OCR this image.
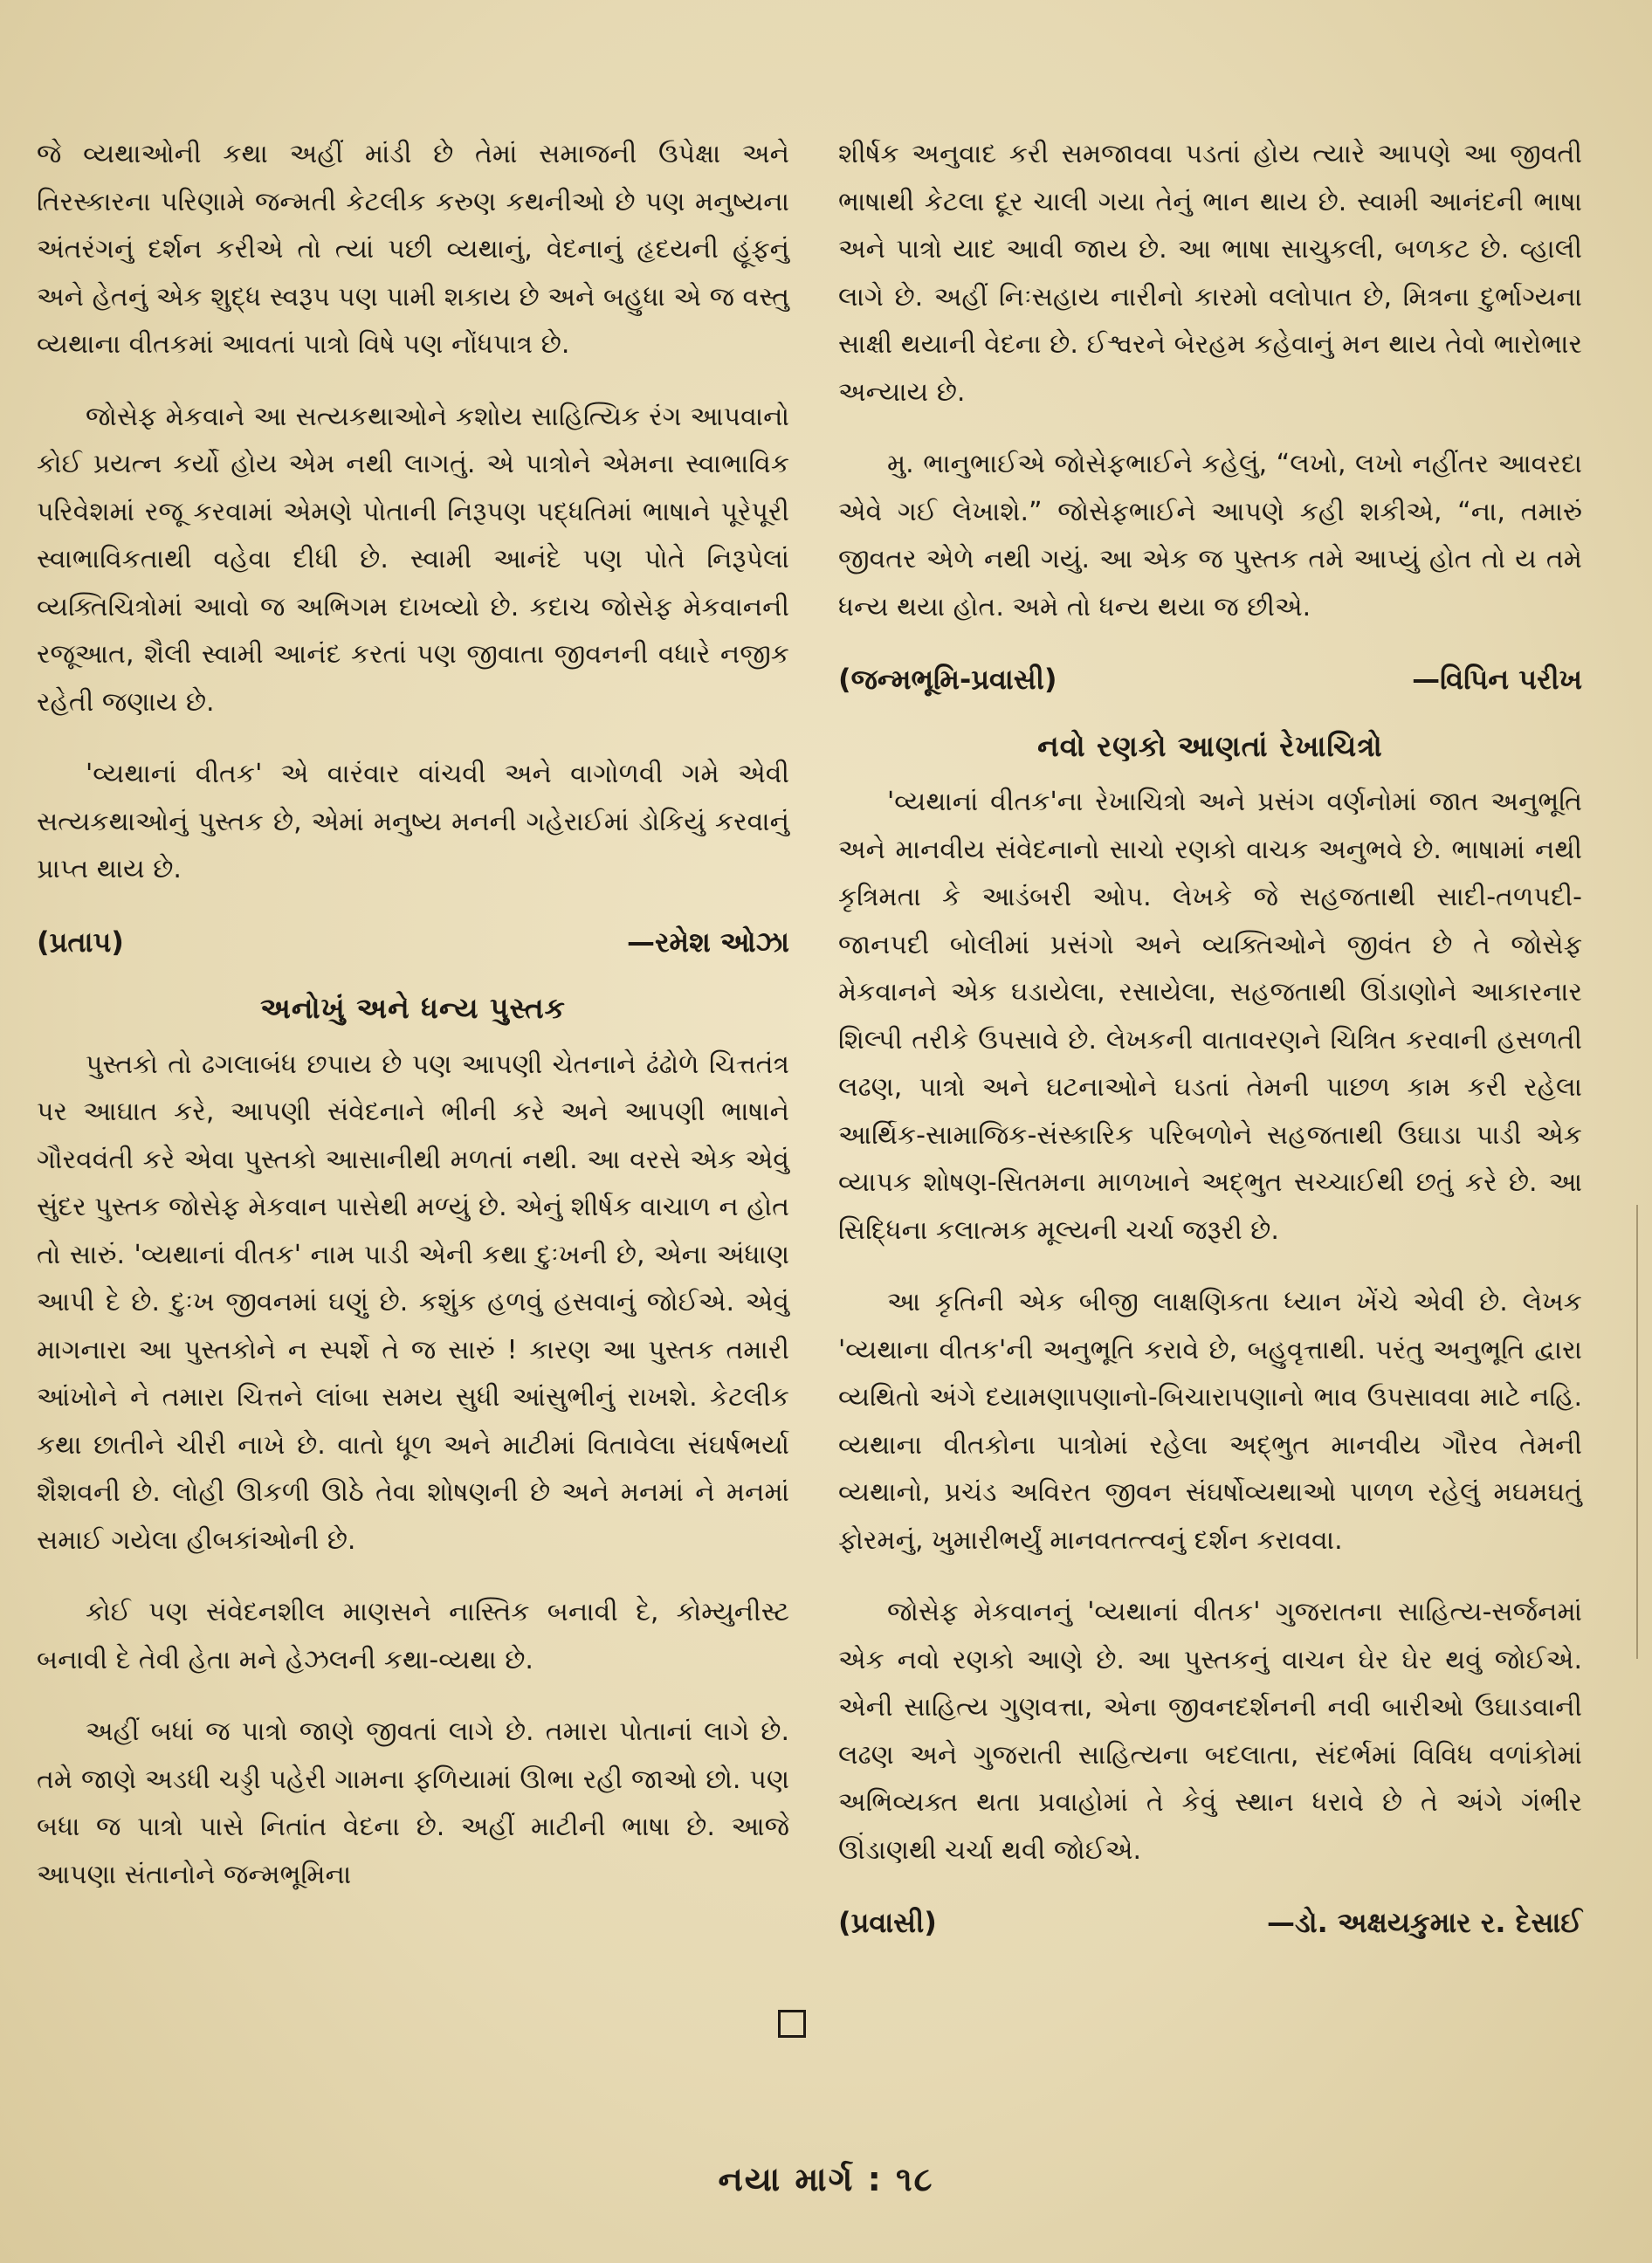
જે વ્યથાઓની કથા અહીં માંડી છે તેમાં સમાજની ઉપેક્ષા અને તિરસ્કારના પરિણામે જન્મતી કેટલીક કરુણ કથનીઓ છે પણ મનુષ્યના અંતરંગનું દર્શન કરીએ તો ત્યાં પછી વ્યથાનું, વેદનાનું હૃદયની હૂંફનું અને હેતનું એક શુદ્ધ સ્વરૂપ પણ પામી શકાય છે અને બહુધા એ જ વસ્તુ વ્યથાના વીતકમાં આવતાં પાત્રો વિષે પણ નોંધપાત્ર છે.

જોસેફ મેકવાને આ સત્યકથાઓને કશોય સાહિત્યિક રંગ આપવાનો કોઈ પ્રયત્ન કર્યો હોય એમ નથી લાગતું. એ પાત્રોને એમના સ્વાભાવિક પરિવેશમાં રજૂ કરવામાં એમણે પોતાની નિરૂપણ પદ્ધતિમાં ભાષાને પૂરેપૂરી સ્વાભાવિકતાથી વહેવા દીધી છે. સ્વામી આનંદે પણ પોતે નિરૂપેલાં વ્યક્તિચિત્રોમાં આવો જ અભિગમ દાખવ્યો છે. કદાચ જોસેફ મેકવાનની રજૂઆત, શૈલી સ્વામી આનંદ કરતાં પણ જીવાતા જીવનની વધારે નજીક રહેતી જણાય છે.

'વ્યથાનાં વીતક' એ વારંવાર વાંચવી અને વાગોળવી ગમે એવી સત્યકથાઓનું પુસ્તક છે, એમાં મનુષ્ય મનની ગહેરાઈમાં ડોકિયું કરવાનું પ્રાપ્ત થાય છે.

(પ્રતાપ)	—રમેશ ઓઝા
અનોખું અને ધન્ય પુસ્તક

પુસ્તકો તો ઢગલાબંધ છપાય છે પણ આપણી ચેતનાને ઢંઢોળે ચિત્તતંત્ર પર આઘાત કરે, આપણી સંવેદનાને ભીની કરે અને આપણી ભાષાને ગૌરવવંતી કરે એવા પુસ્તકો આસાનીથી મળતાં નથી. આ વરસે એક એવું સુંદર પુસ્તક જોસેફ મેકવાન પાસેથી મળ્યું છે. એનું શીર્ષક વાચાળ ન હોત તો સારું. 'વ્યથાનાં વીતક' નામ પાડી એની કથા દુઃખની છે, એના અંધાણ આપી દે છે. દુઃખ જીવનમાં ઘણું છે. કશુંક હળવું હસવાનું જોઈએ. એવું માગનારા આ પુસ્તકોને ન સ્પર્શે તે જ સારું ! કારણ આ પુસ્તક તમારી આંખોને ને તમારા ચિત્તને લાંબા સમય સુધી આંસુભીનું રાખશે. કેટલીક કથા છાતીને ચીરી નાખે છે. વાતો ધૂળ અને માટીમાં વિતાવેલા સંઘર્ષભર્યા શૈશવની છે. લોહી ઊકળી ઊઠે તેવા શોષણની છે અને મનમાં ને મનમાં સમાઈ ગયેલા હીબકાંઓની છે.

કોઈ પણ સંવેદનશીલ માણસને નાસ્તિક બનાવી દે, કોમ્યુનીસ્ટ બનાવી દે તેવી હેતા મને હેઝલની કથા-વ્યથા છે.

અહીં બધાં જ પાત્રો જાણે જીવતાં લાગે છે. તમારા પોતાનાં લાગે છે. તમે જાણે અડધી ચડ્ડી પહેરી ગામના ફળિયામાં ઊભા રહી જાઓ છો. પણ બધા જ પાત્રો પાસે નિતાંત વેદના છે. અહીં માટીની ભાષા છે. આજે આપણા સંતાનોને જન્મભૂમિના

શીર્ષક અનુવાદ કરી સમજાવવા પડતાં હોય ત્યારે આપણે આ જીવતી ભાષાથી કેટલા દૂર ચાલી ગયા તેનું ભાન થાય છે. સ્વામી આનંદની ભાષા અને પાત્રો યાદ આવી જાય છે. આ ભાષા સાચુકલી, બળકટ છે. વ્હાલી લાગે છે. અહીં નિઃસહાય નારીનો કારમો વલોપાત છે, મિત્રના દુર્ભાગ્યના સાક્ષી થયાની વેદના છે. ઈશ્વરને બેરહમ કહેવાનું મન થાય તેવો ભારોભાર અન્યાય છે.

મુ. ભાનુભાઈએ જોસેફભાઈને કહેલું, “લખો, લખો નહીંતર આવરદા એવે ગઈ લેખાશે.” જોસેફભાઈને આપણે કહી શકીએ, “ના, તમારું જીવતર એળે નથી ગયું. આ એક જ પુસ્તક તમે આપ્યું હોત તો ય તમે ધન્ય થયા હોત. અમે તો ધન્ય થયા જ છીએ.

(જન્મભૂમિ-પ્રવાસી)	—વિપિન પરીખ
નવો રણકો આણતાં રેખાચિત્રો

'વ્યથાનાં વીતક'ના રેખાચિત્રો અને પ્રસંગ વર્ણનોમાં જાત અનુભૂતિ અને માનવીય સંવેદનાનો સાચો રણકો વાચક અનુભવે છે. ભાષામાં નથી કૃત્રિમતા કે આડંબરી ઓપ. લેખકે જે સહજતાથી સાદી-તળપદી-જાનપદી બોલીમાં પ્રસંગો અને વ્યક્તિઓને જીવંત છે તે જોસેફ મેકવાનને એક ઘડાયેલા, રસાયેલા, સહજતાથી ઊંડાણોને આકારનાર શિલ્પી તરીકે ઉપસાવે છે. લેખકની વાતાવરણને ચિત્રિત કરવાની હસળતી લઢણ, પાત્રો અને ઘટનાઓને ઘડતાં તેમની પાછળ કામ કરી રહેલા આર્થિક-સામાજિક-સંસ્કારિક પરિબળોને સહજતાથી ઉઘાડા પાડી એક વ્યાપક શોષણ-સિતમના માળખાને અદ્ભુત સચ્ચાઈથી છતું કરે છે. આ સિદ્ધિના કલાત્મક મૂલ્યની ચર્ચા જરૂરી છે.

આ કૃતિની એક બીજી લાક્ષણિકતા ધ્યાન ખેંચે એવી છે. લેખક 'વ્યથાના વીતક'ની અનુભૂતિ કરાવે છે, બહુવૃત્તાથી. પરંતુ અનુભૂતિ દ્વારા વ્યથિતો અંગે દયામણાપણાનો-બિચારાપણાનો ભાવ ઉપસાવવા માટે નહિ. વ્યથાના વીતકોના પાત્રોમાં રહેલા અદ્ભુત માનવીય ગૌરવ તેમની વ્યથાનો, પ્રચંડ અવિરત જીવન સંઘર્ષોવ્યથાઓ પાળળ રહેલું મઘમઘતું ફોરમનું, ખુમારીભર્યું માનવતત્ત્વનું દર્શન કરાવવા.

જોસેફ મેકવાનનું 'વ્યથાનાં વીતક' ગુજરાતના સાહિત્ય-સર્જનમાં એક નવો રણકો આણે છે. આ પુસ્તકનું વાચન ઘેર ઘેર થવું જોઈએ. એની સાહિત્ય ગુણવત્તા, એના જીવનદર્શનની નવી બારીઓ ઉઘાડવાની લઢણ અને ગુજરાતી સાહિત્યના બદલાતા, સંદર્ભમાં વિવિધ વળાંકોમાં અભિવ્યક્ત થતા પ્રવાહોમાં તે કેવું સ્થાન ધરાવે છે તે અંગે ગંભીર ઊંડાણથી ચર્ચા થવી જોઈએ.

(પ્રવાસી)	—ડો. અક્ષયકુમાર ર. દેસાઈ
નયા માર્ગ : ૧૮
